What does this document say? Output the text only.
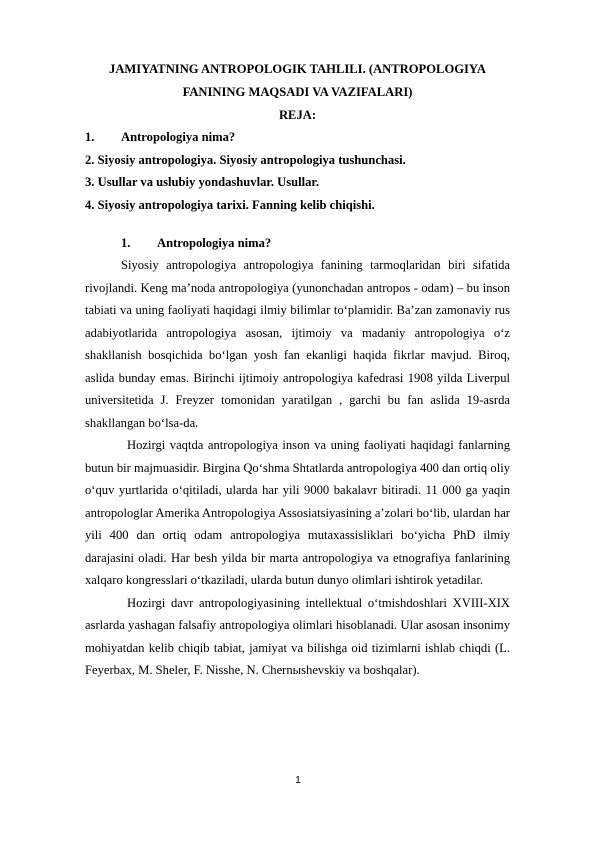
JAMIYATNING ANTROPOLOGIK TAHLILI. (ANTROPOLOGIYA
FANINING MAQSADI VA VAZIFALARI)
REJA:
1. Antropologiya nima?
2. Siyosiy antropologiya. Siyosiy antropologiya tushunchasi.
3. Usullar va uslubiy yondashuvlar. Usullar.
4. Siyosiy antropologiya tarixi. Fanning kelib chiqishi.
1. Antropologiya nima?

Siyosiy antropologiya antropologiya fanining tarmoqlaridan biri sifatida rivojlandi. Keng ma’noda antropologiya (yunonchadan antropos - odam) – bu inson tabiati va uning faoliyati haqidagi ilmiy bilimlar to‘plamidir. Ba’zan zamonaviy rus adabiyotlarida antropologiya asosan, ijtimoiy va madaniy antropologiya o‘z shakllanish bosqichida bo‘lgan yosh fan ekanligi haqida fikrlar mavjud. Biroq, aslida bunday emas. Birinchi ijtimoiy antropologiya kafedrasi 1908 yilda Liverpul universitetida J. Freyzer tomonidan yaratilgan , garchi bu fan aslida 19-asrda shakllangan bo‘lsa-da.

Hozirgi vaqtda antropologiya inson va uning faoliyati haqidagi fanlarning butun bir majmuasidir. Birgina Qo‘shma Shtatlarda antropologiya 400 dan ortiq oliy o‘quv yurtlarida o‘qitiladi, ularda har yili 9000 bakalavr bitiradi. 11 000 ga yaqin antropologlar Amerika Antropologiya Assosiatsiyasining a’zolari bo‘lib, ulardan har yili 400 dan ortiq odam antropologiya mutaxassisliklari bo‘yicha PhD ilmiy darajasini oladi. Har besh yilda bir marta antropologiya va etnografiya fanlarining xalqaro kongresslari o‘tkaziladi, ularda butun dunyo olimlari ishtirok yetadilar.

Hozirgi davr antropologiyasining intellektual o‘tmishdoshlari XVIII-XIX asrlarda yashagan falsafiy antropologiya olimlari hisoblanadi. Ular asosan insonimy mohiyatdan kelib chiqib tabiat, jamiyat va bilishga oid tizimlarni ishlab chiqdi (L. Feyerbax, M. Sheler, F. Nisshe, N. Chernыshevskiy va boshqalar).

1
